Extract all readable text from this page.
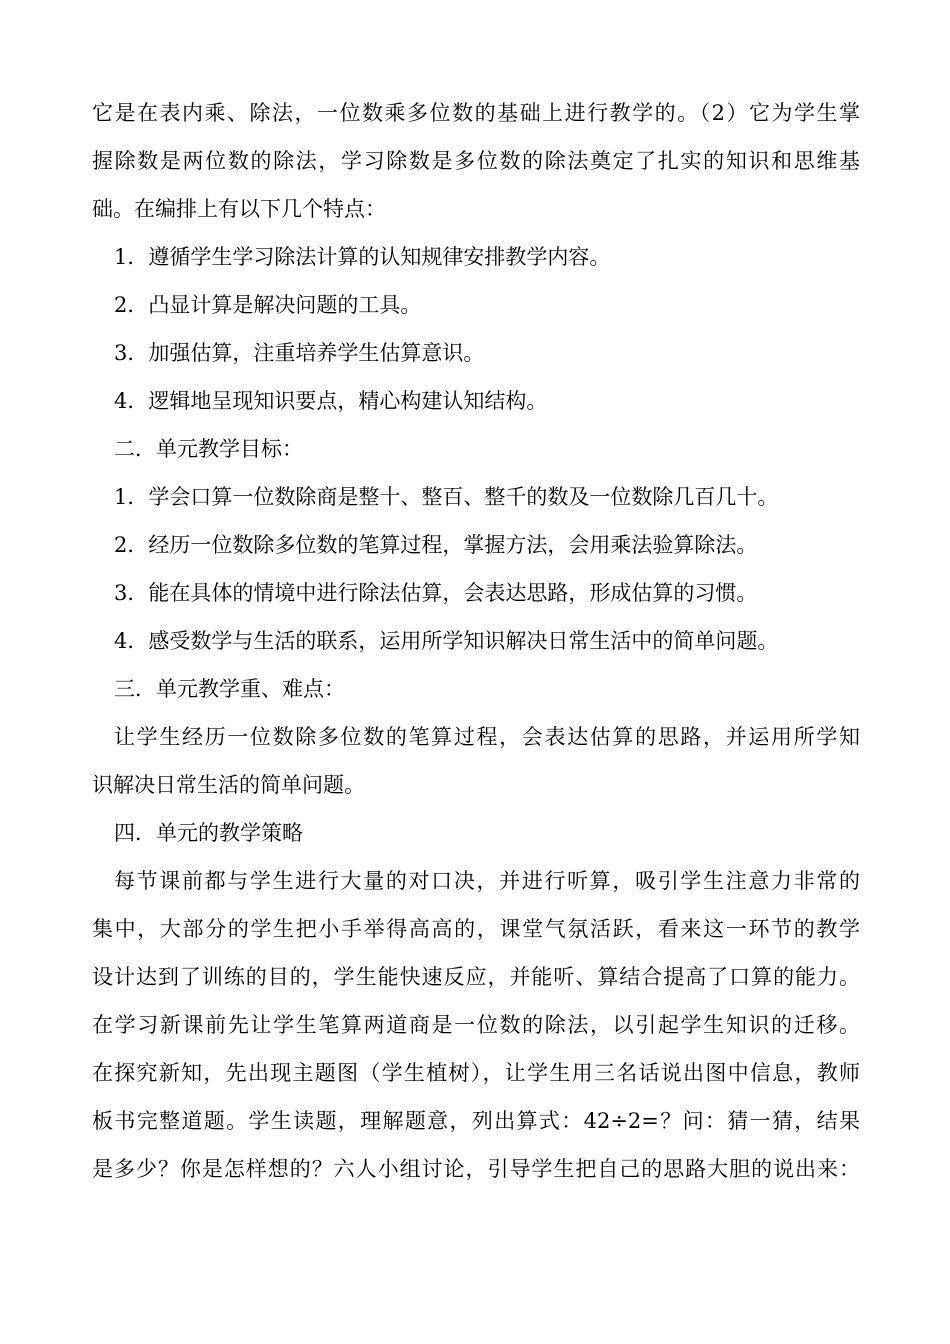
它是在表内乘、除法，一位数乘多位数的基础上进行教学的。（2）它为学生掌
握除数是两位数的除法，学习除数是多位数的除法奠定了扎实的知识和思维基
础。在编排上有以下几个特点：
1．遵循学生学习除法计算的认知规律安排教学内容。
2．凸显计算是解决问题的工具。
3．加强估算，注重培养学生估算意识。
4．逻辑地呈现知识要点，精心构建认知结构。
二．单元教学目标：
1．学会口算一位数除商是整十、整百、整千的数及一位数除几百几十。
2．经历一位数除多位数的笔算过程，掌握方法，会用乘法验算除法。
3．能在具体的情境中进行除法估算，会表达思路，形成估算的习惯。
4．感受数学与生活的联系，运用所学知识解决日常生活中的简单问题。
三．单元教学重、难点：
让学生经历一位数除多位数的笔算过程，会表达估算的思路，并运用所学知
识解决日常生活的简单问题。
四．单元的教学策略
每节课前都与学生进行大量的对口决，并进行听算，吸引学生注意力非常的
集中，大部分的学生把小手举得高高的，课堂气氛活跃，看来这一环节的教学
设计达到了训练的目的，学生能快速反应，并能听、算结合提高了口算的能力。
在学习新课前先让学生笔算两道商是一位数的除法，以引起学生知识的迁移。
在探究新知，先出现主题图（学生植树），让学生用三名话说出图中信息，教师
板书完整道题。学生读题，理解题意，列出算式：42÷2=？问：猜一猜，结果
是多少？你是怎样想的？六人小组讨论，引导学生把自己的思路大胆的说出来：
